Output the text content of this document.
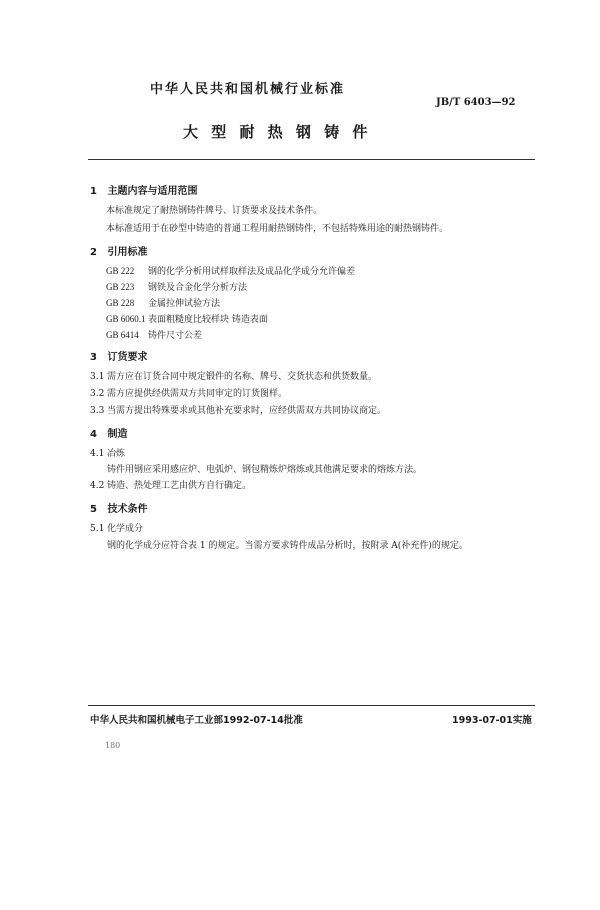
中华人民共和国机械行业标准
JB/T 6403—92
大 型 耐 热 钢 铸 件
1 主题内容与适用范围
本标准规定了耐热钢铸件牌号、订货要求及技术条件。
本标准适用于在砂型中铸造的普通工程用耐热钢铸件，不包括特殊用途的耐热钢铸件。
2 引用标准
GB 222 钢的化学分析用试样取样法及成品化学成分允许偏差
GB 223 钢铁及合金化学分析方法
GB 228 金属拉伸试验方法
GB 6060.1 表面粗糙度比较样块 铸造表面
GB 6414 铸件尺寸公差
3 订货要求
3.1 需方应在订货合同中规定锻件的名称、牌号、交货状态和供货数量。
3.2 需方应提供经供需双方共同审定的订货图样。
3.3 当需方提出特殊要求或其他补充要求时，应经供需双方共同协议商定。
4 制造
4.1 冶炼
铸件用钢应采用感应炉、电弧炉、钢包精炼炉熔炼或其他满足要求的熔炼方法。
4.2 铸造、热处理工艺由供方自行确定。
5 技术条件
5.1 化学成分
钢的化学成分应符合表 1 的规定。当需方要求铸件成品分析时，按附录 A(补充件)的规定。
中华人民共和国机械电子工业部1992-07-14批准	1993-07-01实施
180
